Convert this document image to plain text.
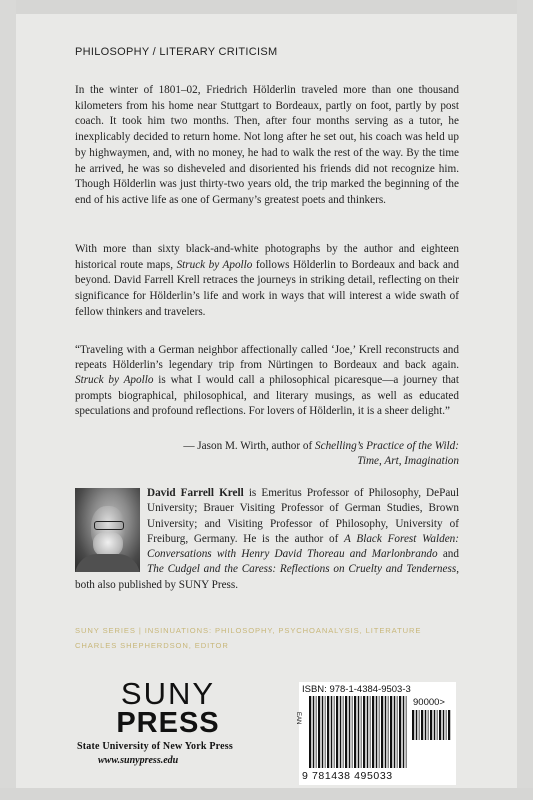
PHILOSOPHY / LITERARY CRITICISM

In the winter of 1801–02, Friedrich Hölderlin traveled more than one thousand kilometers from his home near Stuttgart to Bordeaux, partly on foot, partly by post coach. It took him two months. Then, after four months serving as a tutor, he inexplicably decided to return home. Not long after he set out, his coach was held up by highwaymen, and, with no money, he had to walk the rest of the way. By the time he arrived, he was so disheveled and disoriented his friends did not recognize him. Though Hölderlin was just thirty-two years old, the trip marked the beginning of the end of his active life as one of Germany’s greatest poets and thinkers.

With more than sixty black-and-white photographs by the author and eighteen historical route maps, Struck by Apollo follows Hölderlin to Bordeaux and back and beyond. David Farrell Krell retraces the journeys in striking detail, reflecting on their significance for Hölderlin’s life and work in ways that will interest a wide swath of fellow thinkers and travelers.

“Traveling with a German neighbor affectionally called ‘Joe,’ Krell reconstructs and repeats Hölderlin’s legendary trip from Nürtingen to Bordeaux and back again. Struck by Apollo is what I would call a philosophical picaresque—a journey that prompts biographical, philosophical, and literary musings, as well as educated speculations and profound reflections. For lovers of Hölderlin, it is a sheer delight.”

— Jason M. Wirth, author of Schelling’s Practice of the Wild:
Time, Art, Imagination

David Farrell Krell is Emeritus Professor of Philosophy, DePaul University; Brauer Visiting Professor of German Studies, Brown University; and Visiting Professor of Philosophy, University of Freiburg, Germany. He is the author of A Black Forest Walden: Conversations with Henry David Thoreau and Marlonbrando and The Cudgel and the Caress: Reflections on Cruelty and Tenderness, both also published by SUNY Press.

SUNY SERIES | INSINUATIONS: PHILOSOPHY, PSYCHOANALYSIS, LITERATURE
CHARLES SHEPHERDSON, EDITOR
SUNY
PRESS
State University of New York Press
www.sunypress.edu
ISBN: 978-1-4384-9503-3
90000>
EAN
9 781438 495033
